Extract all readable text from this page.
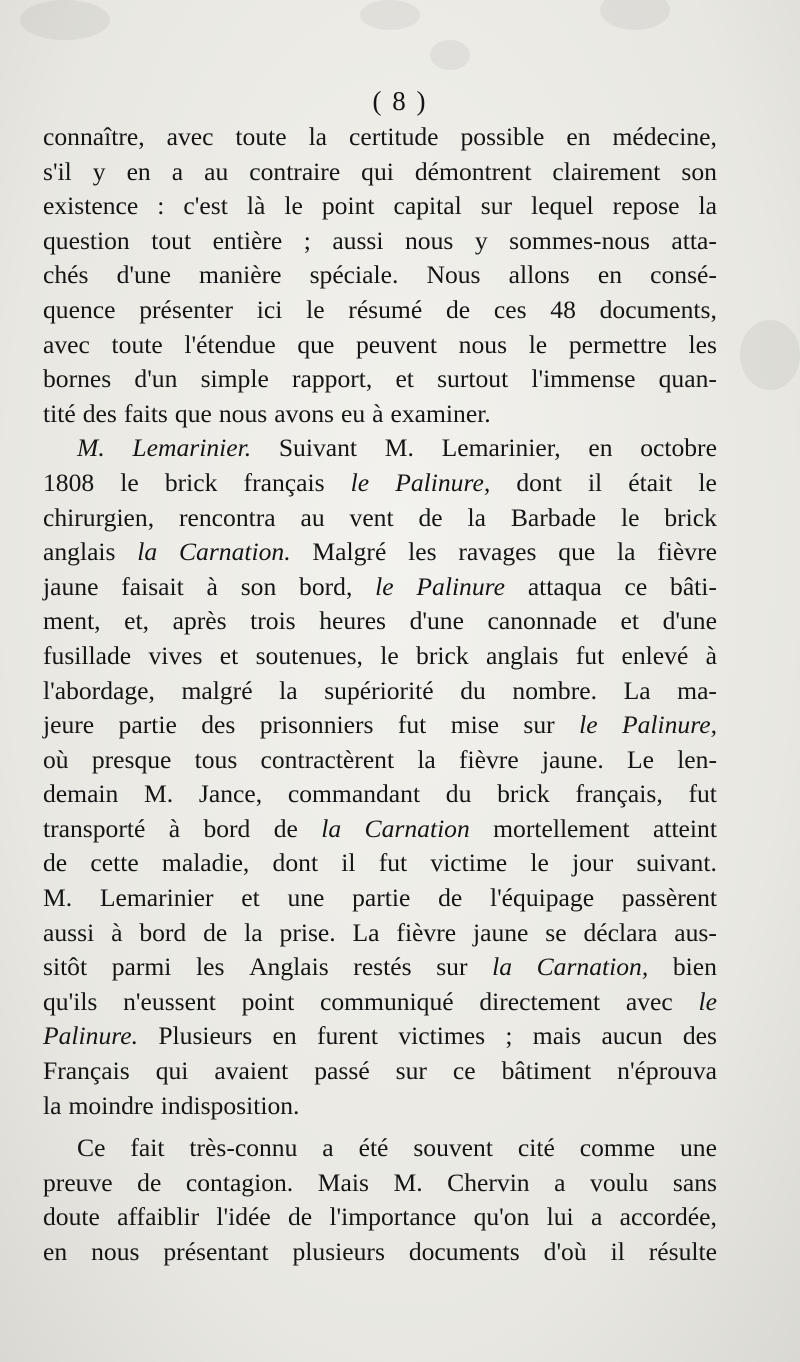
( 8 )
connaître, avec toute la certitude possible en médecine,
s'il y en a au contraire qui démontrent clairement son
existence : c'est là le point capital sur lequel repose la
question tout entière ; aussi nous y sommes-nous atta-
chés d'une manière spéciale. Nous allons en consé-
quence présenter ici le résumé de ces 48 documents,
avec toute l'étendue que peuvent nous le permettre les
bornes d'un simple rapport, et surtout l'immense quan-
tité des faits que nous avons eu à examiner.
M. Lemarinier. Suivant M. Lemarinier, en octobre
1808 le brick français le Palinure, dont il était le
chirurgien, rencontra au vent de la Barbade le brick
anglais la Carnation. Malgré les ravages que la fièvre
jaune faisait à son bord, le Palinure attaqua ce bâti-
ment, et, après trois heures d'une canonnade et d'une
fusillade vives et soutenues, le brick anglais fut enlevé à
l'abordage, malgré la supériorité du nombre. La ma-
jeure partie des prisonniers fut mise sur le Palinure,
où presque tous contractèrent la fièvre jaune. Le len-
demain M. Jance, commandant du brick français, fut
transporté à bord de la Carnation mortellement atteint
de cette maladie, dont il fut victime le jour suivant.
M. Lemarinier et une partie de l'équipage passèrent
aussi à bord de la prise. La fièvre jaune se déclara aus-
sitôt parmi les Anglais restés sur la Carnation, bien
qu'ils n'eussent point communiqué directement avec le
Palinure. Plusieurs en furent victimes ; mais aucun des
Français qui avaient passé sur ce bâtiment n'éprouva
la moindre indisposition.
Ce fait très-connu a été souvent cité comme une
preuve de contagion. Mais M. Chervin a voulu sans
doute affaiblir l'idée de l'importance qu'on lui a accordée,
en nous présentant plusieurs documents d'où il résulte
